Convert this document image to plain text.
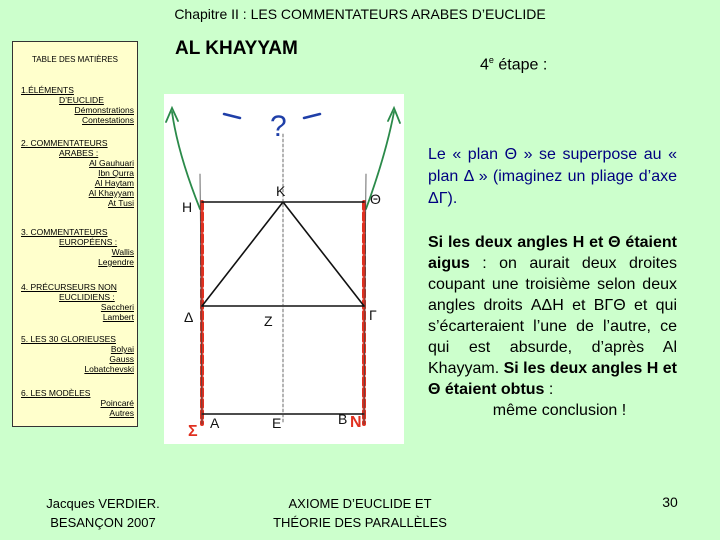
Chapitre II : LES COMMENTATEURS ARABES D’EUCLIDE
TABLE DES MATIÈRES
1.ÉLÉMENTS
D’EUCLIDE
Démonstrations
Contestations
2. COMMENTATEURS
ARABES :
Al Gauhuari
Ibn Qurra
Al Haytam
Al Khayyam
At Tusi
3. COMMENTATEURS
EUROPÉENS :
Wallis
Legendre
4. PRÉCURSEURS NON
EUCLIDIENS :
Saccheri
Lambert
5. LES 30 GLORIEUSES
Bolyai
Gauss
Lobatchevski
6. LES MODÈLES
Poincaré
Autres
AL KHAYYAM
4e étape :
?
H
K	Θ
Δ	Z	Γ
A	E	B
Σ
N
Le « plan Θ » se superpose au « plan Δ » (imaginez un pliage d’axe ΔΓ).
Si les deux angles H et Θ étaient aigus : on aurait deux droites coupant une troisième selon deux angles droits ΑΔΗ et ΒΓΘ et qui s’écarteraient l’une de l’autre, ce qui est absurde, d’après Al Khayyam. Si les deux angles H et Θ étaient obtus :
même conclusion !
Jacques VERDIER.
BESANÇON 2007
AXIOME D’EUCLIDE ET
THÉORIE DES PARALLÈLES
30
